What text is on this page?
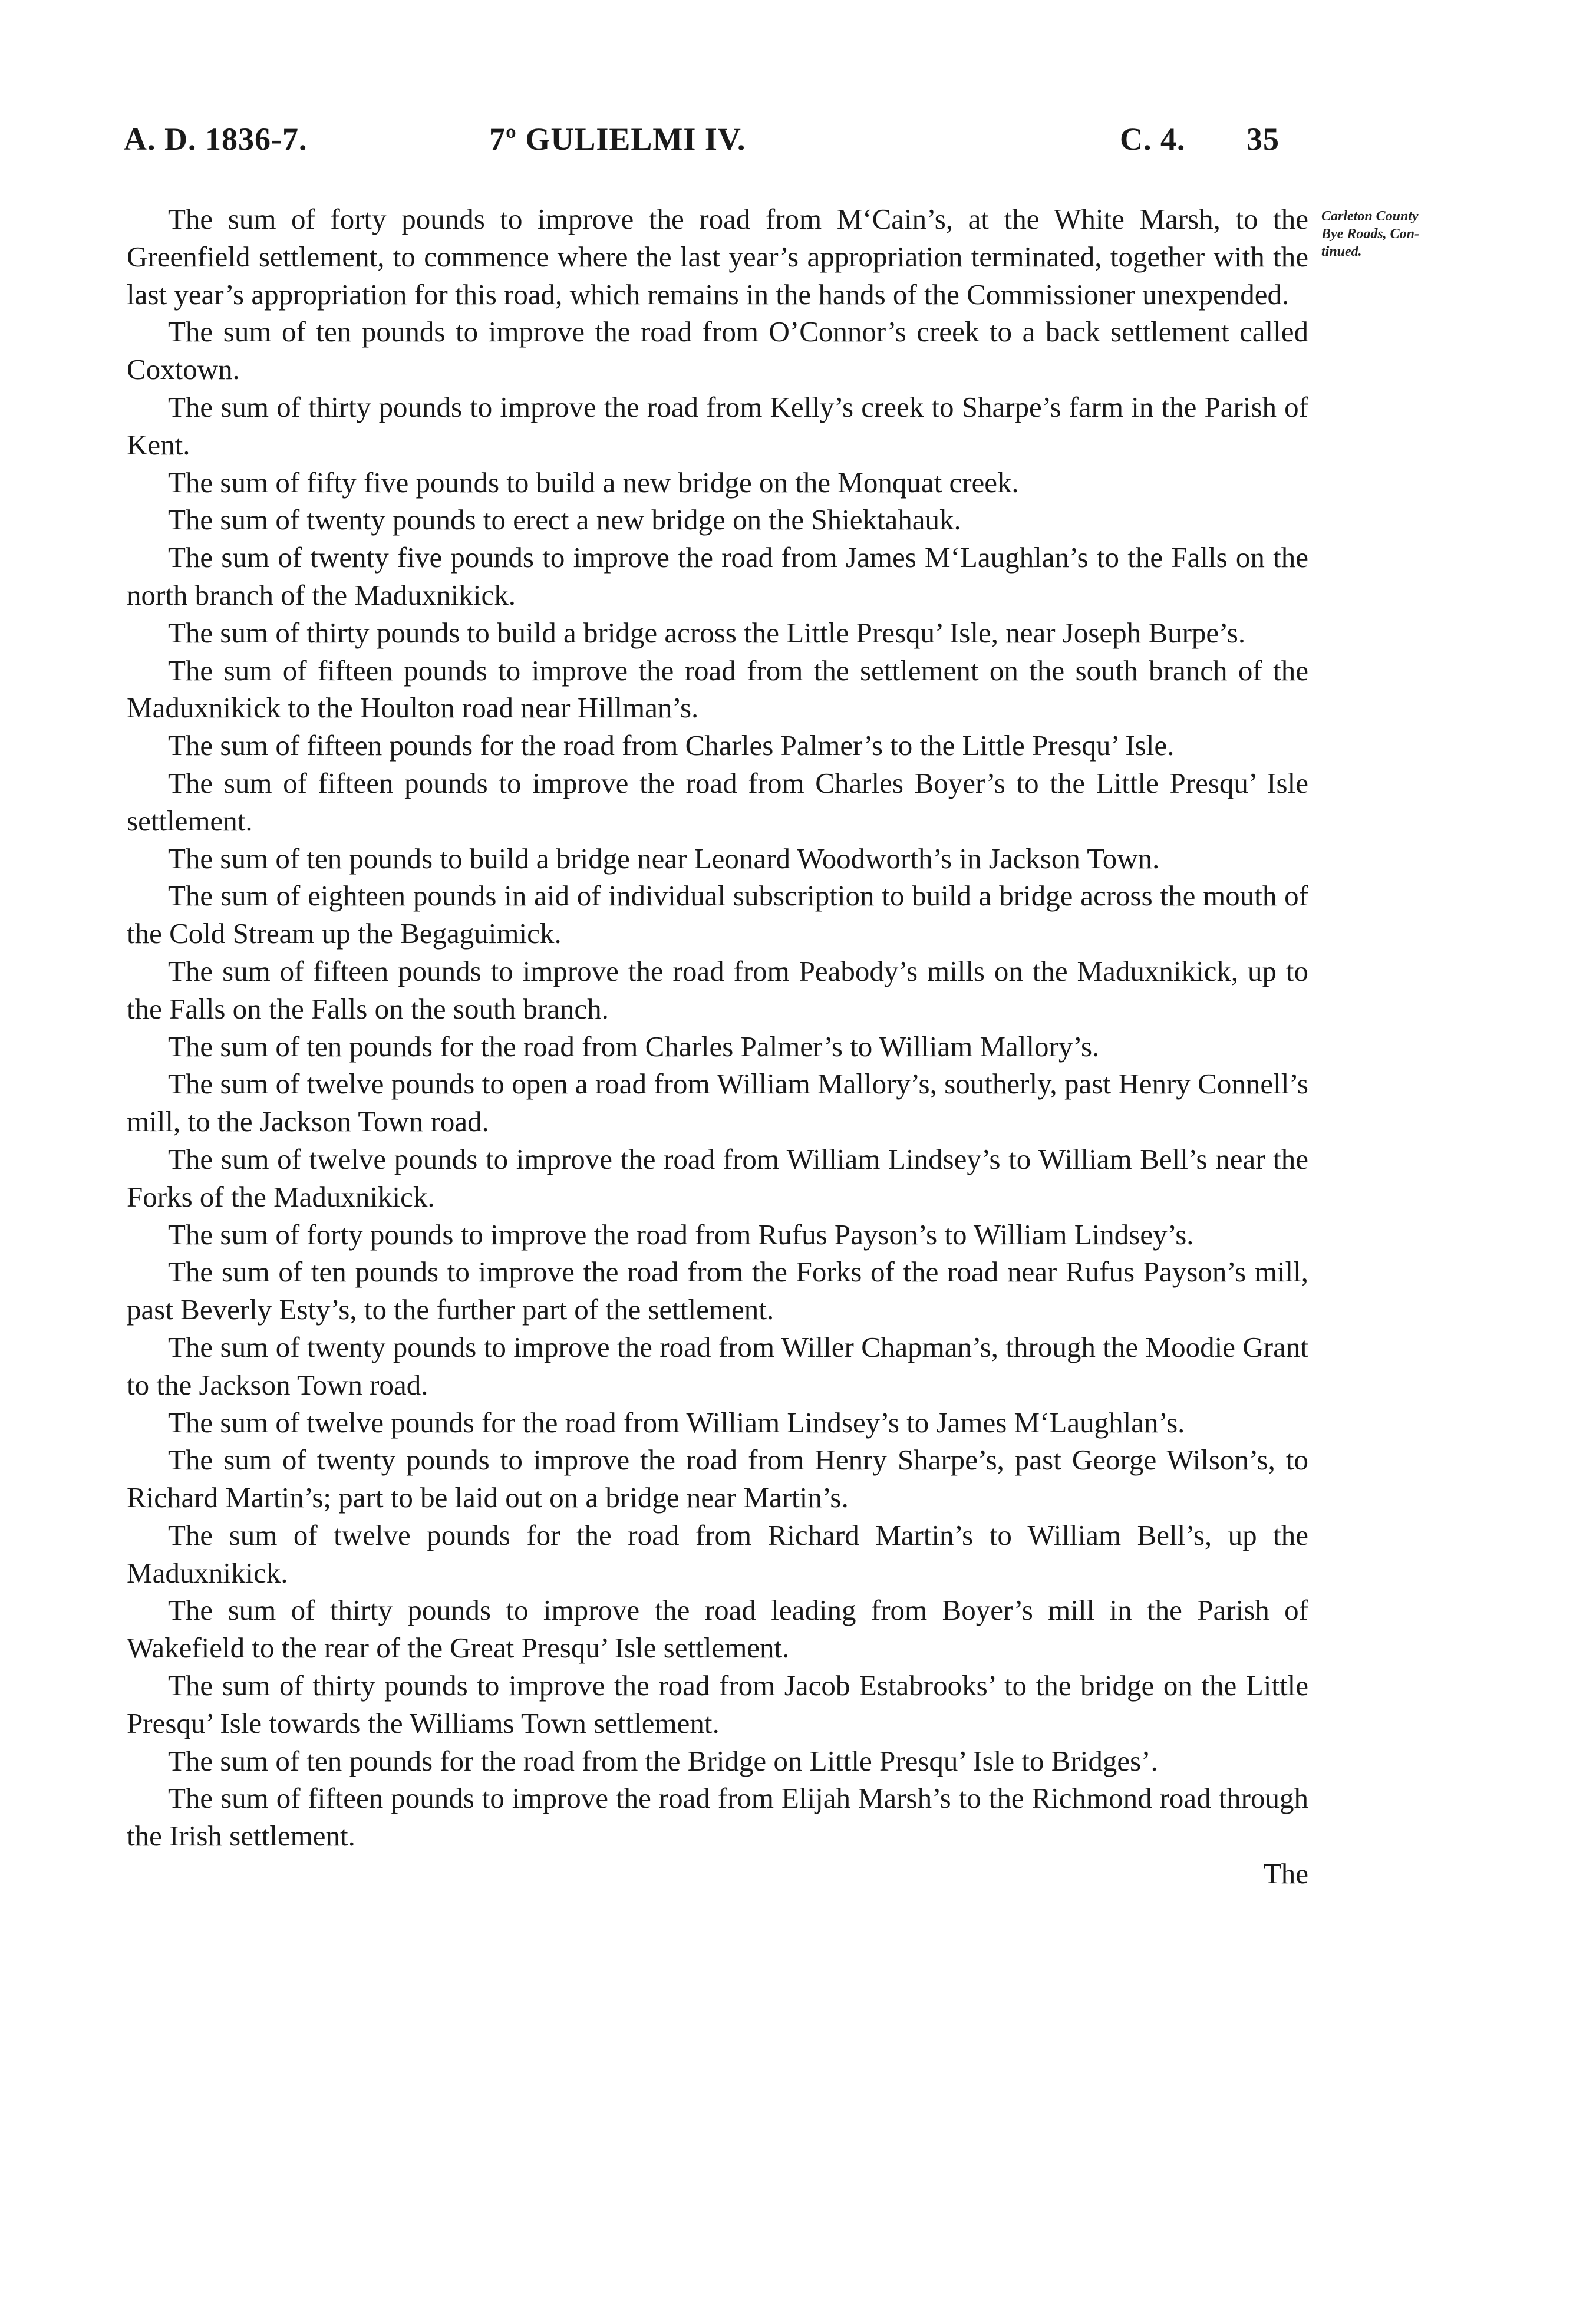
A. D. 1836-7.	7º GULIELMI IV.	C. 4. 35
Carleton County
Bye Roads, Con-
tinued.

The sum of forty pounds to improve the road from M‘Cain’s, at the White Marsh, to the Greenfield settlement, to commence where the last year’s appropriation terminated, together with the last year’s appropriation for this road, which remains in the hands of the Commissioner unexpended.

The sum of ten pounds to improve the road from O’Connor’s creek to a back settlement called Coxtown.

The sum of thirty pounds to improve the road from Kelly’s creek to Sharpe’s farm in the Parish of Kent.

The sum of fifty five pounds to build a new bridge on the Monquat creek.

The sum of twenty pounds to erect a new bridge on the Shiektahauk.

The sum of twenty five pounds to improve the road from James M‘Laughlan’s to the Falls on the north branch of the Maduxnikick.

The sum of thirty pounds to build a bridge across the Little Presqu’ Isle, near Joseph Burpe’s.

The sum of fifteen pounds to improve the road from the settlement on the south branch of the Maduxnikick to the Houlton road near Hillman’s.

The sum of fifteen pounds for the road from Charles Palmer’s to the Little Presqu’ Isle.

The sum of fifteen pounds to improve the road from Charles Boyer’s to the Little Presqu’ Isle settlement.

The sum of ten pounds to build a bridge near Leonard Woodworth’s in Jackson Town.

The sum of eighteen pounds in aid of individual subscription to build a bridge across the mouth of the Cold Stream up the Begaguimick.

The sum of fifteen pounds to improve the road from Peabody’s mills on the Maduxnikick, up to the Falls on the Falls on the south branch.

The sum of ten pounds for the road from Charles Palmer’s to William Mallory’s.

The sum of twelve pounds to open a road from William Mallory’s, southerly, past Henry Connell’s mill, to the Jackson Town road.

The sum of twelve pounds to improve the road from William Lindsey’s to William Bell’s near the Forks of the Maduxnikick.

The sum of forty pounds to improve the road from Rufus Payson’s to William Lindsey’s.

The sum of ten pounds to improve the road from the Forks of the road near Rufus Payson’s mill, past Beverly Esty’s, to the further part of the settlement.

The sum of twenty pounds to improve the road from Willer Chapman’s, through the Moodie Grant to the Jackson Town road.

The sum of twelve pounds for the road from William Lindsey’s to James M‘Laughlan’s.

The sum of twenty pounds to improve the road from Henry Sharpe’s, past George Wilson’s, to Richard Martin’s; part to be laid out on a bridge near Martin’s.

The sum of twelve pounds for the road from Richard Martin’s to William Bell’s, up the Maduxnikick.

The sum of thirty pounds to improve the road leading from Boyer’s mill in the Parish of Wakefield to the rear of the Great Presqu’ Isle settlement.

The sum of thirty pounds to improve the road from Jacob Estabrooks’ to the bridge on the Little Presqu’ Isle towards the Williams Town settlement.

The sum of ten pounds for the road from the Bridge on Little Presqu’ Isle to Bridges’.

The sum of fifteen pounds to improve the road from Elijah Marsh’s to the Richmond road through the Irish settlement.

The
